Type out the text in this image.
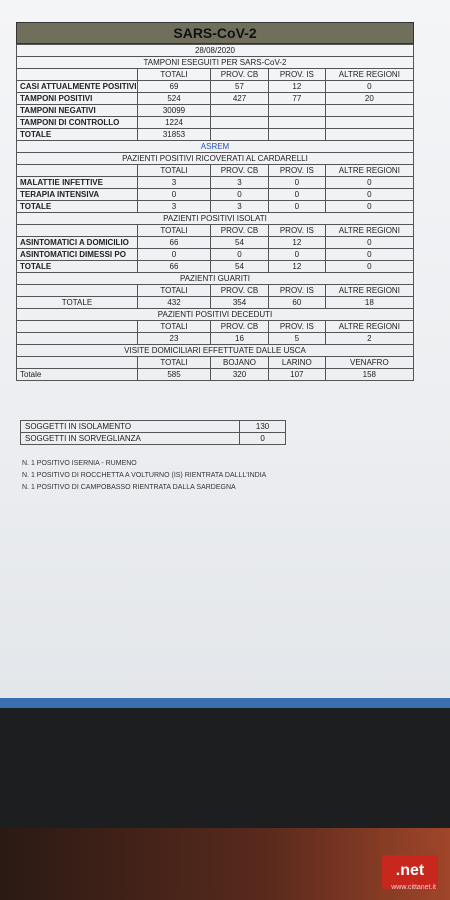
SARS-CoV-2
28/08/2020				
TAMPONI ESEGUITI PER SARS-CoV-2				
	TOTALI	PROV. CB	PROV. IS	ALTRE REGIONI
CASI ATTUALMENTE POSITIVI	69	57	12	0
TAMPONI POSITIVI	524	427	77	20
TAMPONI NEGATIVI	30099			
TAMPONI DI CONTROLLO	1224			
TOTALE	31853			
ASREM				
PAZIENTI POSITIVI RICOVERATI AL CARDARELLI				
	TOTALI	PROV. CB	PROV. IS	ALTRE REGIONI
MALATTIE INFETTIVE	3	3	0	0
TERAPIA INTENSIVA	0	0	0	0
TOTALE	3	3	0	0
PAZIENTI POSITIVI ISOLATI				
	TOTALI	PROV. CB	PROV. IS	ALTRE REGIONI
ASINTOMATICI A DOMICILIO	66	54	12	0
ASINTOMATICI DIMESSI PO	0	0	0	0
TOTALE	66	54	12	0
PAZIENTI GUARITI				
	TOTALI	PROV. CB	PROV. IS	ALTRE REGIONI
TOTALE	432	354	60	18
PAZIENTI POSITIVI DECEDUTI				
	TOTALI	PROV. CB	PROV. IS	ALTRE REGIONI
	23	16	5	2
VISITE DOMICILIARI EFFETTUATE DALLE USCA				
	TOTALI	BOJANO	LARINO	VENAFRO
Totale	585	320	107	158
SOGGETTI IN ISOLAMENTO	130
SOGGETTI IN SORVEGLIANZA	0
N. 1 POSITIVO ISERNIA - RUMENO
N. 1 POSITIVO DI ROCCHETTA A VOLTURNO (IS) RIENTRATA DALLL'INDIA
N. 1 POSITIVO DI CAMPOBASSO RIENTRATA DALLA SARDEGNA
.net
www.cittanet.it
